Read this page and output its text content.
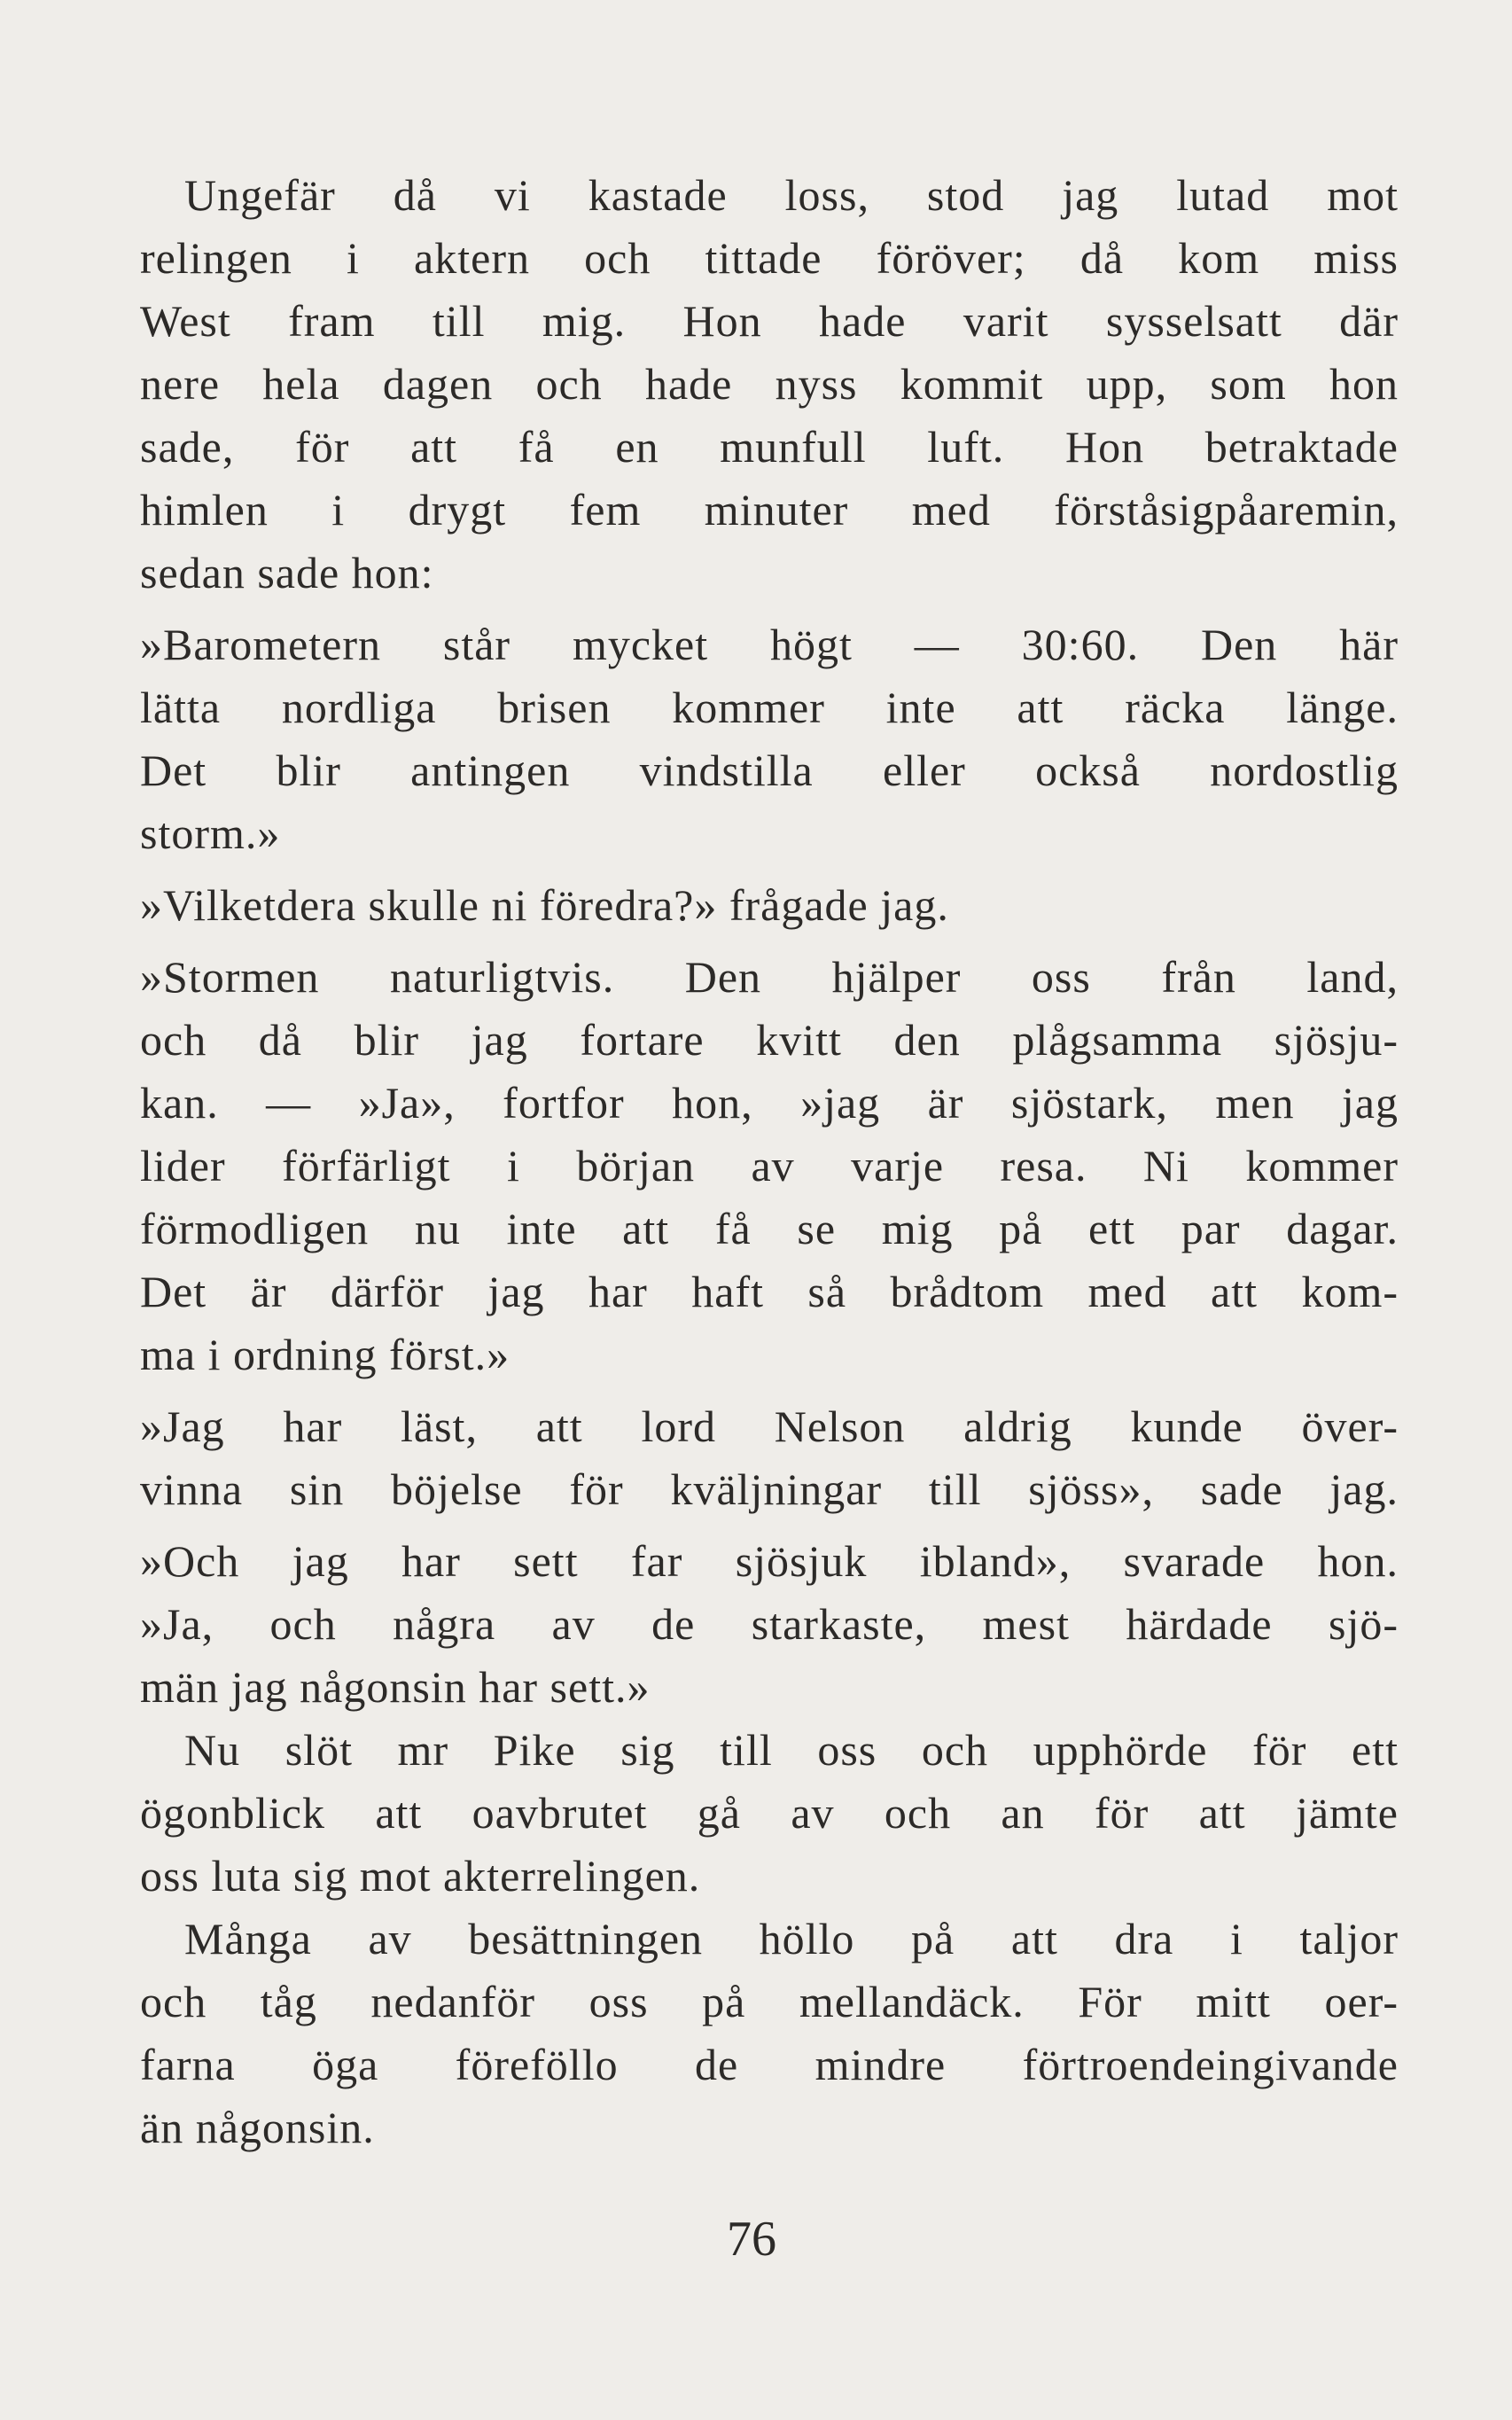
Ungefär då vi kastade loss, stod jag lutad mot
relingen i aktern och tittade föröver; då kom miss
West fram till mig. Hon hade varit sysselsatt där
nere hela dagen och hade nyss kommit upp, som hon
sade, för att få en munfull luft. Hon betraktade
himlen i drygt fem minuter med förståsigpåaremin,
sedan sade hon:
»Barometern står mycket högt — 30:60. Den här
lätta nordliga brisen kommer inte att räcka länge.
Det blir antingen vindstilla eller också nordostlig
storm.»
»Vilketdera skulle ni föredra?» frågade jag.
»Stormen naturligtvis. Den hjälper oss från land,
och då blir jag fortare kvitt den plågsamma sjösju-
kan. — »Ja», fortfor hon, »jag är sjöstark, men jag
lider förfärligt i början av varje resa. Ni kommer
förmodligen nu inte att få se mig på ett par dagar.
Det är därför jag har haft så brådtom med att kom-
ma i ordning först.»
»Jag har läst, att lord Nelson aldrig kunde över-
vinna sin böjelse för kväljningar till sjöss», sade jag.
»Och jag har sett far sjösjuk ibland», svarade hon.
»Ja, och några av de starkaste, mest härdade sjö-
män jag någonsin har sett.»
Nu slöt mr Pike sig till oss och upphörde för ett
ögonblick att oavbrutet gå av och an för att jämte
oss luta sig mot akterrelingen.
Många av besättningen höllo på att dra i taljor
och tåg nedanför oss på mellandäck. För mitt oer-
farna öga föreföllo de mindre förtroendeingivande
än någonsin.
76
